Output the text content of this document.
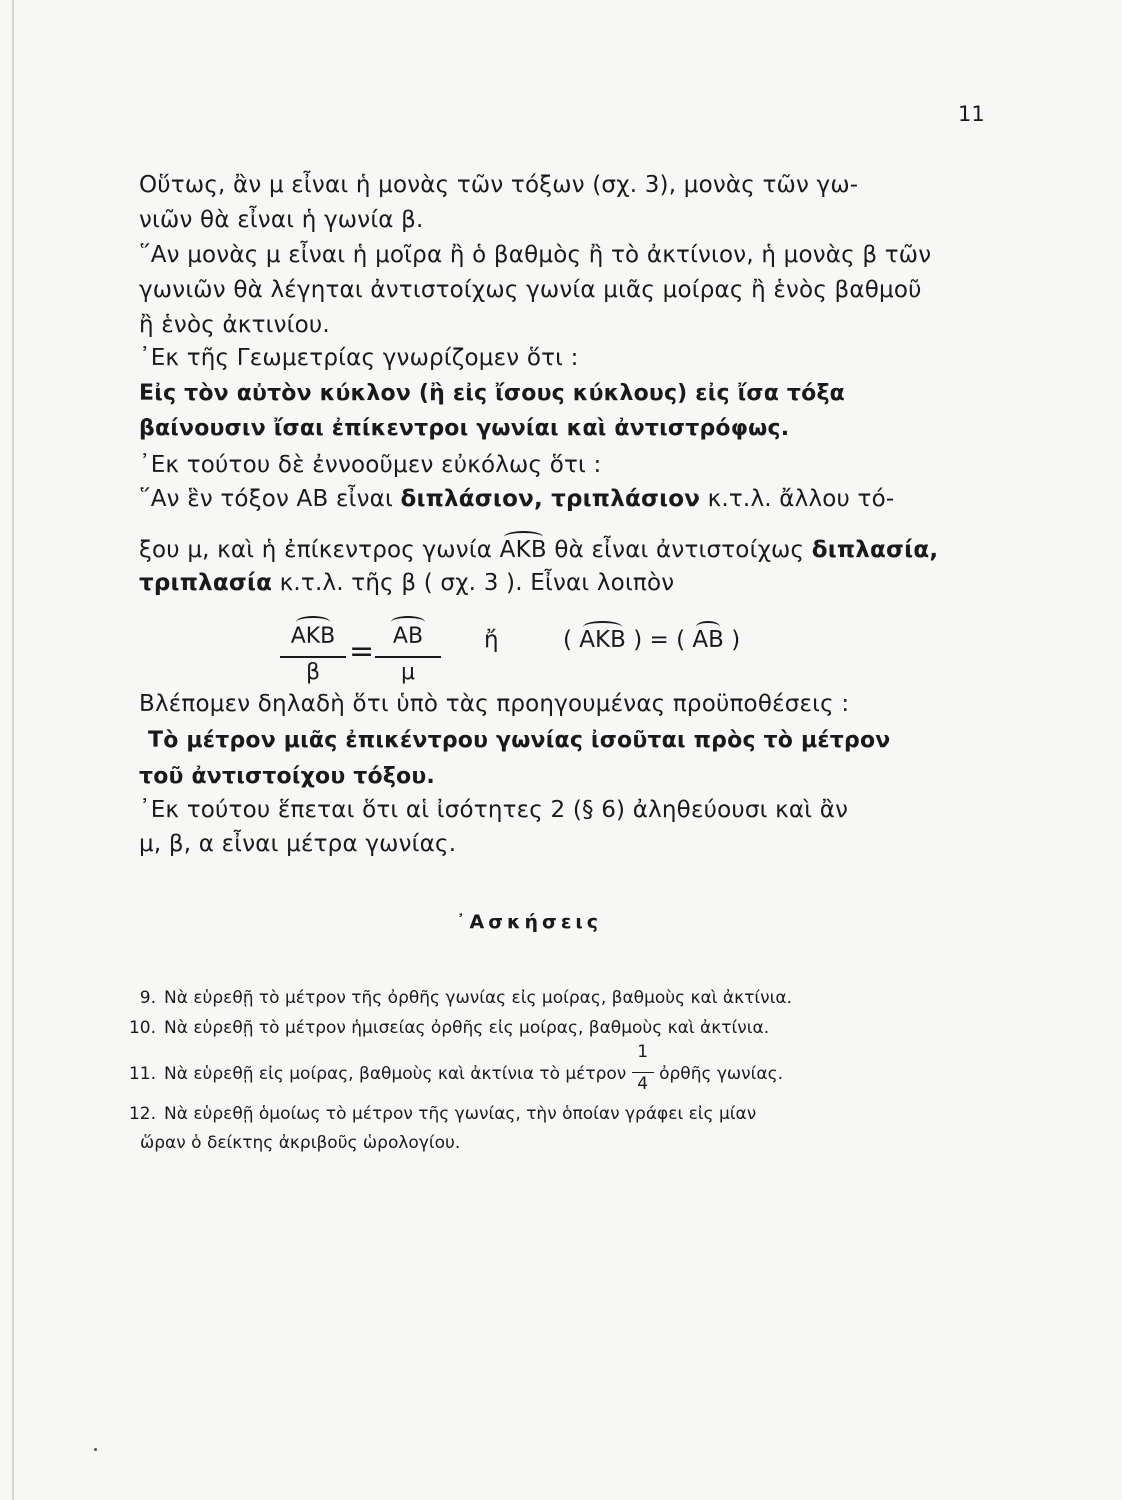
11
Οὕτως, ἂν μ εἶναι ἡ μονὰς τῶν τόξων (σχ. 3), μονὰς τῶν γω-
νιῶν θὰ εἶναι ἡ γωνία β.
῞Αν μονὰς μ εἶναι ἡ μοῖρα ἢ ὁ βαθμὸς ἢ τὸ ἀκτίνιον, ἡ μονὰς β τῶν
γωνιῶν θὰ λέγηται ἀντιστοίχως γωνία μιᾶς μοίρας ἢ ἑνὸς βαθμοῦ
ἢ ἑνὸς ἀκτινίου.
᾿Εκ τῆς Γεωμετρίας γνωρίζομεν ὅτι :
Εἰς τὸν αὐτὸν κύκλον (ἢ εἰς ἴσους κύκλους) εἰς ἴσα τόξα
βαίνουσιν ἴσαι ἐπίκεντροι γωνίαι καὶ ἀντιστρόφως.
᾿Εκ τούτου δὲ ἐννοοῦμεν εὐκόλως ὅτι :
῞Αν ἓν τόξον ΑΒ εἶναι διπλάσιον, τριπλάσιον κ.τ.λ. ἄλλου τό-
ξου μ, καὶ ἡ ἐπίκεντρος γωνία
ΑΚΒ θὰ εἶναι ἀντιστοίχως διπλασία,
τριπλασία κ.τ.λ. τῆς β ( σχ. 3 ). Εἶναι λοιπὸν
ΑΚΒ
β
= ΑΒ
μ
ἤ	(
ΑΚΒ ) = (
ΑΒ )
Βλέπομεν δηλαδὴ ὅτι ὑπὸ τὰς προηγουμένας προϋποθέσεις :
Τὸ μέτρον μιᾶς ἐπικέντρου γωνίας ἰσοῦται πρὸς τὸ μέτρον
τοῦ ἀντιστοίχου τόξου.
᾿Εκ τούτου ἕπεται ὅτι αἱ ἰσότητες 2 (§ 6) ἀληθεύουσι καὶ ἂν
μ, β, α εἶναι μέτρα γωνίας.
᾿Ασκήσεις
9. Νὰ εὑρεθῇ τὸ μέτρον τῆς ὀρθῆς γωνίας εἰς μοίρας, βαθμοὺς καὶ ἀκτίνια.
10. Νὰ εὑρεθῇ τὸ μέτρον ἡμισείας ὀρθῆς εἰς μοίρας, βαθμοὺς καὶ ἀκτίνια.
11. Νὰ εὑρεθῇ εἰς μοίρας, βαθμοὺς καὶ ἀκτίνια τὸ μέτρον $\frac{1}{4}$ ὀρθῆς γωνίας.
12. Νὰ εὑρεθῇ ὁμοίως τὸ μέτρον τῆς γωνίας, τὴν ὁποίαν γράφει εἰς μίαν
ὥραν ὁ δείκτης ἀκριβοῦς ὡρολογίου.
